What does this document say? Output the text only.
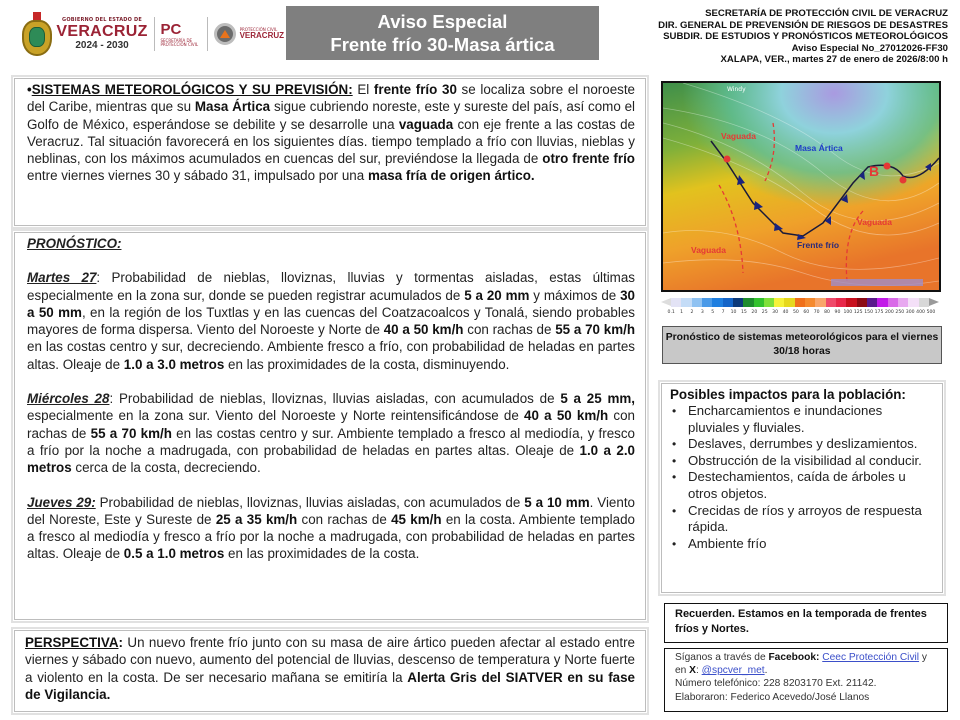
GOBIERNO DEL ESTADO DE
VERACRUZ
2024 - 2030
PC
SECRETARÍA DE PROTECCIÓN CIVIL
PROTECCIÓN CIVIL
VERACRUZ
Aviso Especial
Frente frío 30-Masa ártica
SECRETARÍA DE PROTECCIÓN CIVIL DE VERACRUZ
DIR. GENERAL DE PREVENSIÓN DE RIESGOS DE DESASTRES
SUBDIR. DE ESTUDIOS Y PRONÓSTICOS METEOROLÓGICOS
Aviso Especial No_27012026-FF30
XALAPA, VER., martes 27 de enero de 2026/8:00 h

•SISTEMAS METEOROLÓGICOS Y SU PREVISIÓN: El frente frío 30 se localiza sobre el noroeste del Caribe, mientras que su Masa Ártica sigue cubriendo noreste, este y sureste del país, así como el Golfo de México, esperándose se debilite y se desarrolle una vaguada con eje frente a las costas de Veracruz. Tal situación favorecerá en los siguientes días. tiempo templado a frío con lluvias, nieblas y neblinas, con los máximos acumulados en cuencas del sur, previéndose la llegada de otro frente frío entre viernes viernes 30 y sábado 31, impulsado por una masa fría de origen ártico.

PRONÓSTICO:

Martes 27: Probabilidad de nieblas, lloviznas, lluvias y tormentas aisladas, estas últimas especialmente en la zona sur, donde se pueden registrar acumulados de 5 a 20 mm y máximos de 30 a 50 mm, en la región de los Tuxtlas y en las cuencas del Coatzacoalcos y Tonalá, siendo probables mayores de forma dispersa. Viento del Noroeste y Norte de 40 a 50 km/h con rachas de 55 a 70 km/h en las costas centro y sur, decreciendo. Ambiente fresco a frío, con probabilidad de heladas en partes altas. Oleaje de 1.0 a 3.0 metros en las proximidades de la costa, disminuyendo.

Miércoles 28: Probabilidad de nieblas, lloviznas, lluvias aisladas, con acumulados de 5 a 25 mm, especialmente en la zona sur. Viento del Noroeste y Norte reintensificándose de 40 a 50 km/h con rachas de 55 a 70 km/h en las costas centro y sur. Ambiente templado a fresco al mediodía, y fresco a frío por la noche a madrugada, con probabilidad de heladas en partes altas. Oleaje de 1.0 a 2.0 metros cerca de la costa, decreciendo.

Jueves 29: Probabilidad de nieblas, lloviznas, lluvias aisladas, con acumulados de 5 a 10 mm. Viento del Noreste, Este y Sureste de 25 a 35 km/h con rachas de 45 km/h en la costa. Ambiente templado a fresco al mediodía y fresco a frío por la noche a madrugada, con probabilidad de heladas en partes altas. Oleaje de 0.5 a 1.0 metros en las proximidades de la costa.

PERSPECTIVA: Un nuevo frente frío junto con su masa de aire ártico pueden afectar al estado entre viernes y sábado con nuevo, aumento del potencial de lluvias, descenso de temperatura y Norte fuerte a violento en la costa. De ser necesario mañana se emitiría la Alerta Gris del SIATVER en su fase de Vigilancia.

Windy
Vaguada
Masa Ártica
Vaguada
Vaguada	Frente frío
B
0.1	1	2	3	5	7	10 15 20 25 30 40 50 60 70 80 90 100 125 150 175 200 250 300 400 500
Pronóstico de sistemas meteorológicos para el viernes 30/18 horas
Posibles impactos para la población:
• Encharcamientos e inundaciones pluviales y fluviales.
• Deslaves, derrumbes y deslizamientos.
• Obstrucción de la visibilidad al conducir.
• Destechamientos, caída de árboles u otros objetos.
• Crecidas de ríos y arroyos de respuesta rápida.
• Ambiente frío
Recuerden. Estamos en la temporada de frentes fríos y Nortes.
Síganos a través de Facebook: Ceec Protección Civil y en X: @spcver_met.
Número telefónico: 228 8203170 Ext. 21142.
Elaboraron: Federico Acevedo/José Llanos
